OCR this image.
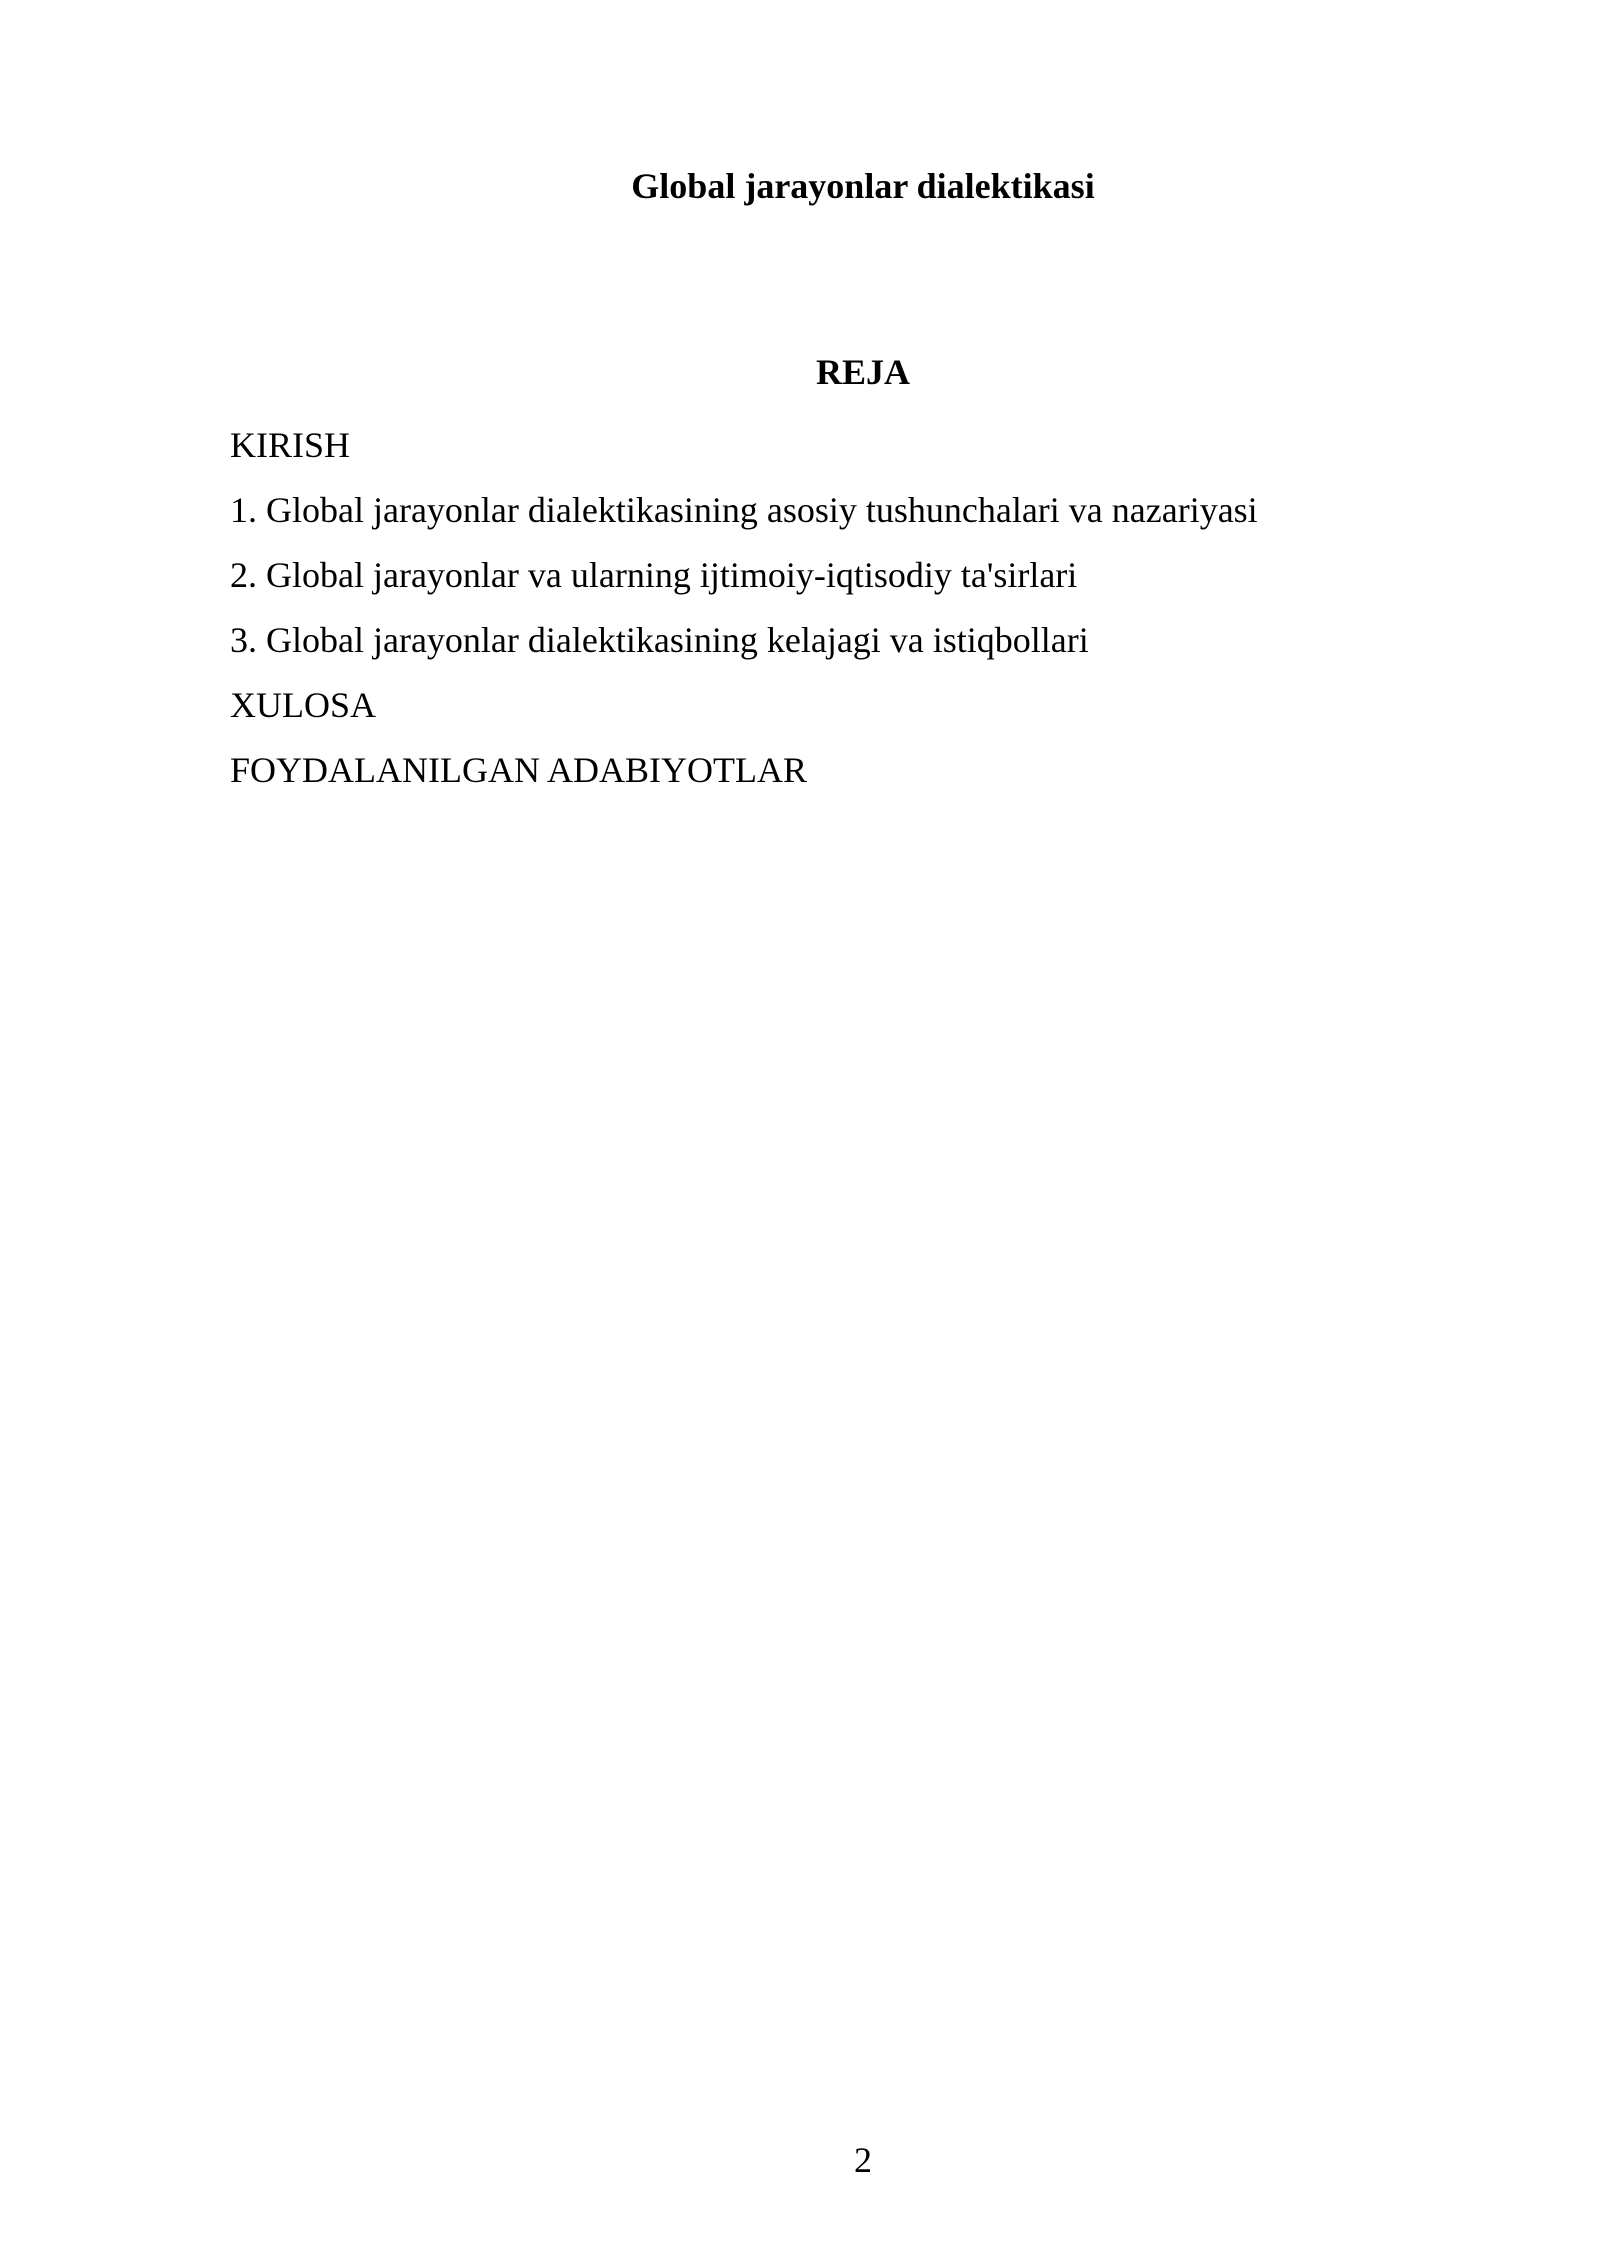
Global jarayonlar dialektikasi
REJA
KIRISH
1. Global jarayonlar dialektikasining asosiy tushunchalari va nazariyasi
2. Global jarayonlar va ularning ijtimoiy-iqtisodiy ta'sirlari
3. Global jarayonlar dialektikasining kelajagi va istiqbollari
XULOSA
FOYDALANILGAN ADABIYOTLAR
2
